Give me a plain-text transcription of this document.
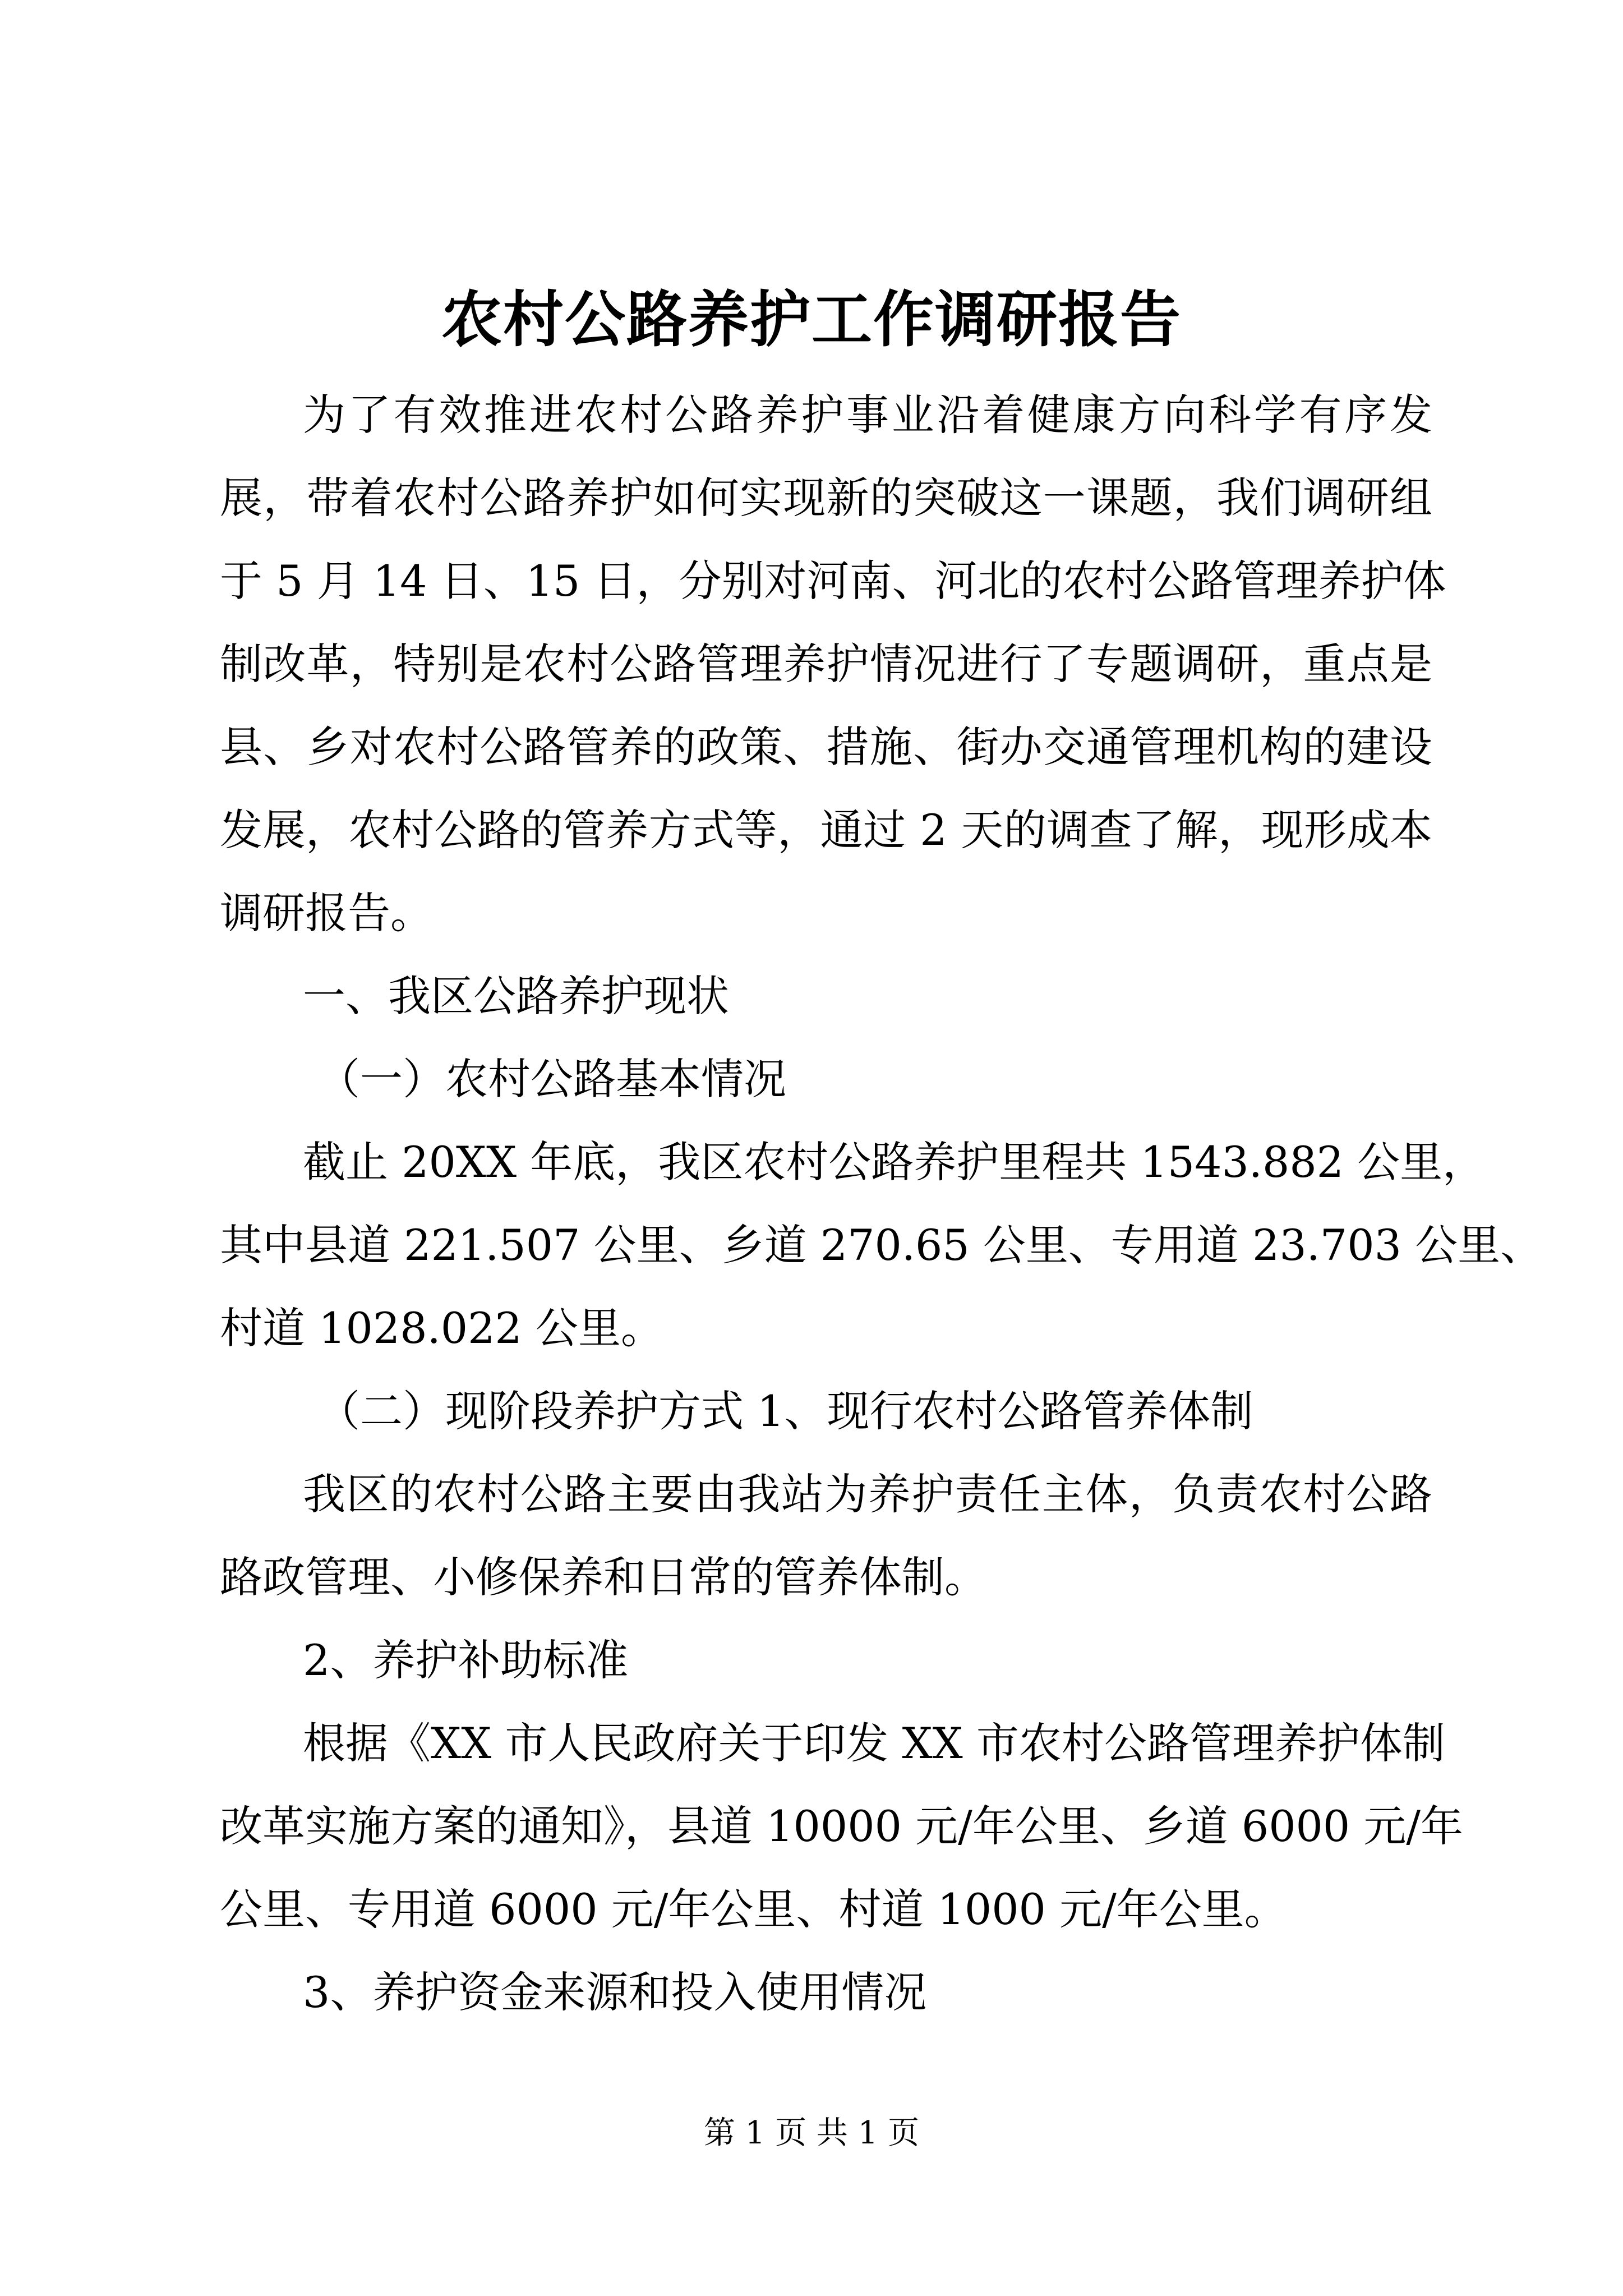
农村公路养护工作调研报告
为了有效推进农村公路养护事业沿着健康方向科学有序发
展，带着农村公路养护如何实现新的突破这一课题，我们调研组
于 5 月 14 日、15 日，分别对河南、河北的农村公路管理养护体
制改革，特别是农村公路管理养护情况进行了专题调研，重点是
县、乡对农村公路管养的政策、措施、街办交通管理机构的建设
发展，农村公路的管养方式等，通过 2 天的调查了解，现形成本
调研报告。
一、我区公路养护现状
（一）农村公路基本情况
截止 20XX 年底，我区农村公路养护里程共 1543.882 公里，
其中县道 221.507 公里、乡道 270.65 公里、专用道 23.703 公里、
村道 1028.022 公里。
（二）现阶段养护方式 1、现行农村公路管养体制
我区的农村公路主要由我站为养护责任主体，负责农村公路
路政管理、小修保养和日常的管养体制。
2、养护补助标准
根据《XX 市人民政府关于印发 XX 市农村公路管理养护体制
改革实施方案的通知》，县道 10000 元/年公里、乡道 6000 元/年
公里、专用道 6000 元/年公里、村道 1000 元/年公里。
3、养护资金来源和投入使用情况
第 1 页 共 1 页
